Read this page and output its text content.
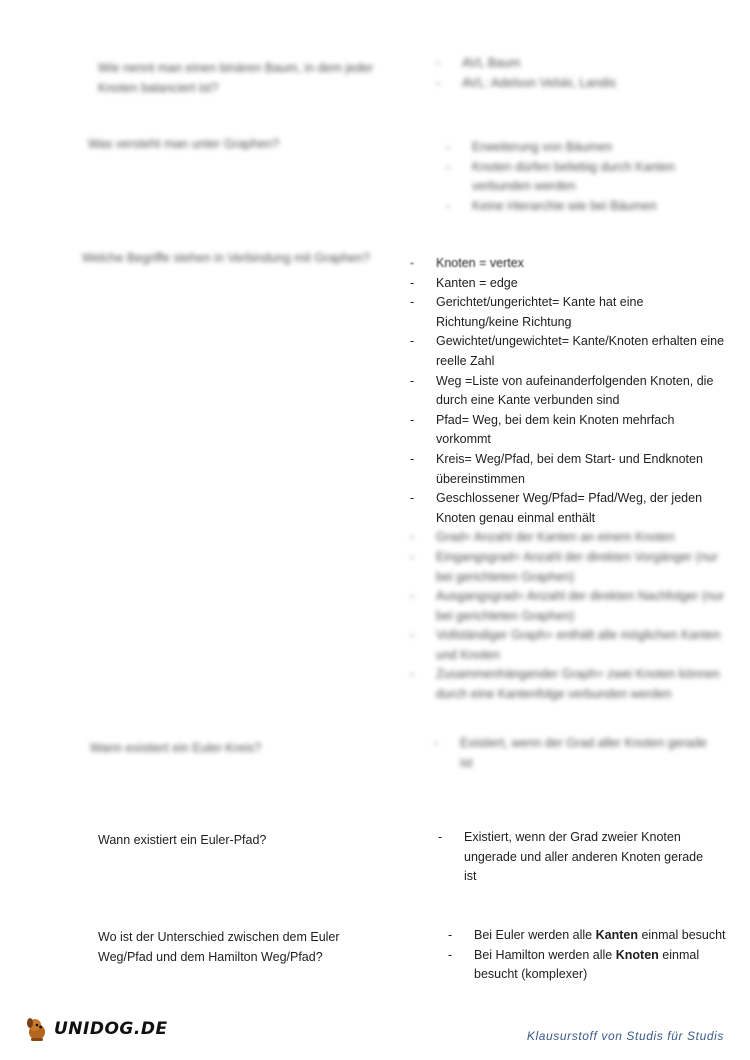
Wie nennt man einen binären Baum, in dem jeder Knoten balanciert ist?
- AVL Baum
- AVL: Adelson Velski, Landis
Was versteht man unter Graphen?	- Erweiterung von Bäumen
- Knoten dürfen beliebig durch Kanten verbunden werden
- Keine Hierarchie wie bei Bäumen
Welche Begriffe stehen in Verbindung mit Graphen?	- Knoten = vertex
- Kanten = edge
- Gerichtet/ungerichtet= Kante hat eine Richtung/keine Richtung
- Gewichtet/ungewichtet= Kante/Knoten erhalten eine reelle Zahl
- Weg =Liste von aufeinanderfolgenden Knoten, die durch eine Kante verbunden sind
- Pfad= Weg, bei dem kein Knoten mehrfach vorkommt
- Kreis= Weg/Pfad, bei dem Start- und Endknoten übereinstimmen
- Geschlossener Weg/Pfad= Pfad/Weg, der jeden Knoten genau einmal enthält
- Grad= Anzahl der Kanten an einem Knoten
- Eingangsgrad= Anzahl der direkten Vorgänger (nur bei gerichteten Graphen)
- Ausgangsgrad= Anzahl der direkten Nachfolger (nur bei gerichteten Graphen)
- Vollständiger Graph= enthält alle möglichen Kanten und Knoten
- Zusammenhängender Graph= zwei Knoten können durch eine Kantenfolge verbunden werden
Wann existiert ein Euler-Kreis?	- Existiert, wenn der Grad aller Knoten gerade ist
Wann existiert ein Euler-Pfad?	- Existiert, wenn der Grad zweier Knoten ungerade und aller anderen Knoten gerade ist
Wo ist der Unterschied zwischen dem Euler Weg/Pfad und dem Hamilton Weg/Pfad?
- Bei Euler werden alle Kanten einmal besucht
- Bei Hamilton werden alle Knoten einmal besucht (komplexer)
UNIDOG.DE	Klausurstoff von Studis für Studis
